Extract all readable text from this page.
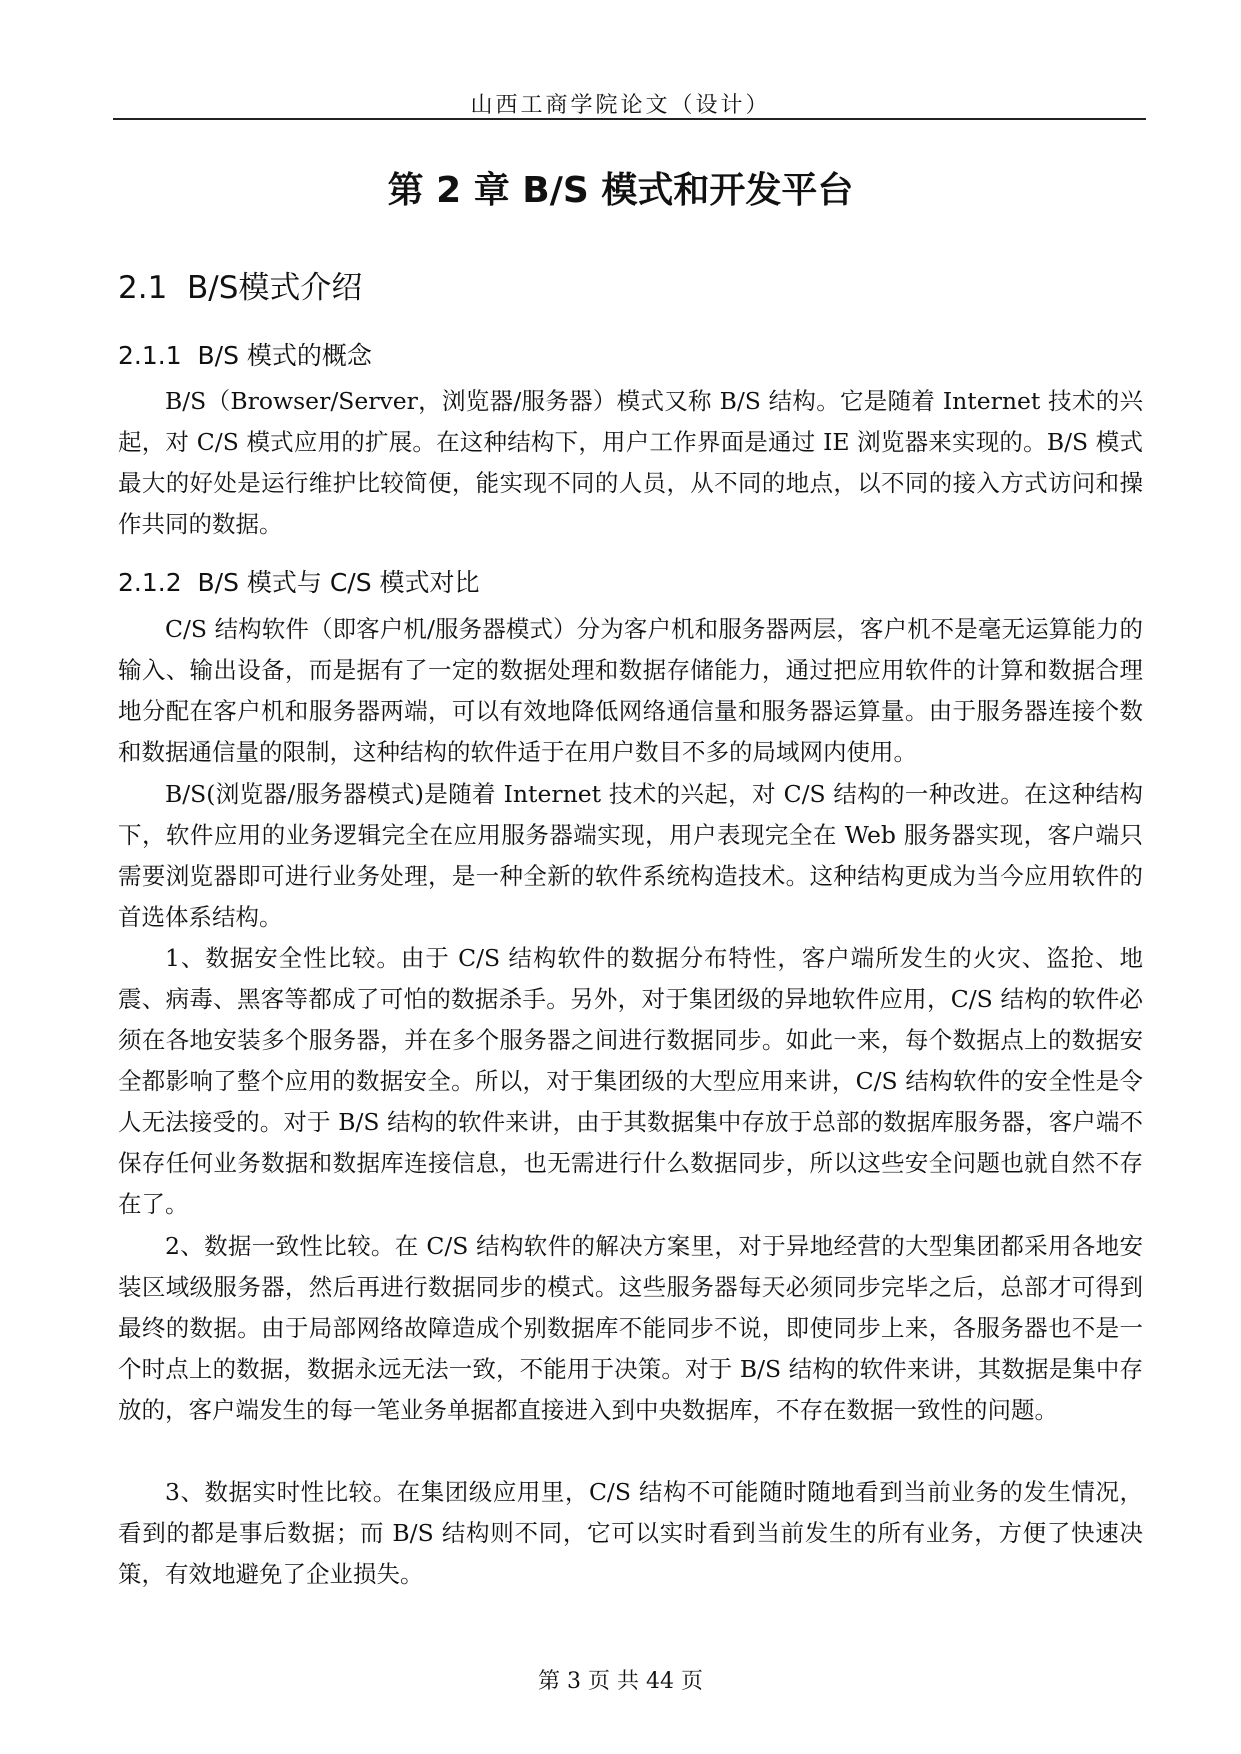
山西工商学院论文（设计）
第 2 章 B/S 模式和开发平台
2.1  B/S模式介绍
2.1.1  B/S 模式的概念
B/S（Browser/Server，浏览器/服务器）模式又称 B/S 结构。它是随着 Internet 技术的兴起，对 C/S 模式应用的扩展。在这种结构下，用户工作界面是通过 IE 浏览器来实现的。B/S 模式最大的好处是运行维护比较简便，能实现不同的人员，从不同的地点，以不同的接入方式访问和操作共同的数据。
2.1.2  B/S 模式与 C/S 模式对比
C/S 结构软件（即客户机/服务器模式）分为客户机和服务器两层，客户机不是毫无运算能力的输入、输出设备，而是据有了一定的数据处理和数据存储能力，通过把应用软件的计算和数据合理地分配在客户机和服务器两端，可以有效地降低网络通信量和服务器运算量。由于服务器连接个数和数据通信量的限制，这种结构的软件适于在用户数目不多的局域网内使用。
B/S(浏览器/服务器模式)是随着 Internet 技术的兴起，对 C/S 结构的一种改进。在这种结构下，软件应用的业务逻辑完全在应用服务器端实现，用户表现完全在 Web 服务器实现，客户端只需要浏览器即可进行业务处理，是一种全新的软件系统构造技术。这种结构更成为当今应用软件的首选体系结构。
1、数据安全性比较。由于 C/S 结构软件的数据分布特性，客户端所发生的火灾、盗抢、地震、病毒、黑客等都成了可怕的数据杀手。另外，对于集团级的异地软件应用，C/S 结构的软件必须在各地安装多个服务器，并在多个服务器之间进行数据同步。如此一来，每个数据点上的数据安全都影响了整个应用的数据安全。所以，对于集团级的大型应用来讲，C/S 结构软件的安全性是令人无法接受的。对于 B/S 结构的软件来讲，由于其数据集中存放于总部的数据库服务器，客户端不保存任何业务数据和数据库连接信息，也无需进行什么数据同步，所以这些安全问题也就自然不存在了。
2、数据一致性比较。在 C/S 结构软件的解决方案里，对于异地经营的大型集团都采用各地安装区域级服务器，然后再进行数据同步的模式。这些服务器每天必须同步完毕之后，总部才可得到最终的数据。由于局部网络故障造成个别数据库不能同步不说，即使同步上来，各服务器也不是一个时点上的数据，数据永远无法一致，不能用于决策。对于 B/S 结构的软件来讲，其数据是集中存放的，客户端发生的每一笔业务单据都直接进入到中央数据库，不存在数据一致性的问题。
3、数据实时性比较。在集团级应用里，C/S 结构不可能随时随地看到当前业务的发生情况，看到的都是事后数据；而 B/S 结构则不同，它可以实时看到当前发生的所有业务，方便了快速决策，有效地避免了企业损失。
第 3 页 共 44 页
